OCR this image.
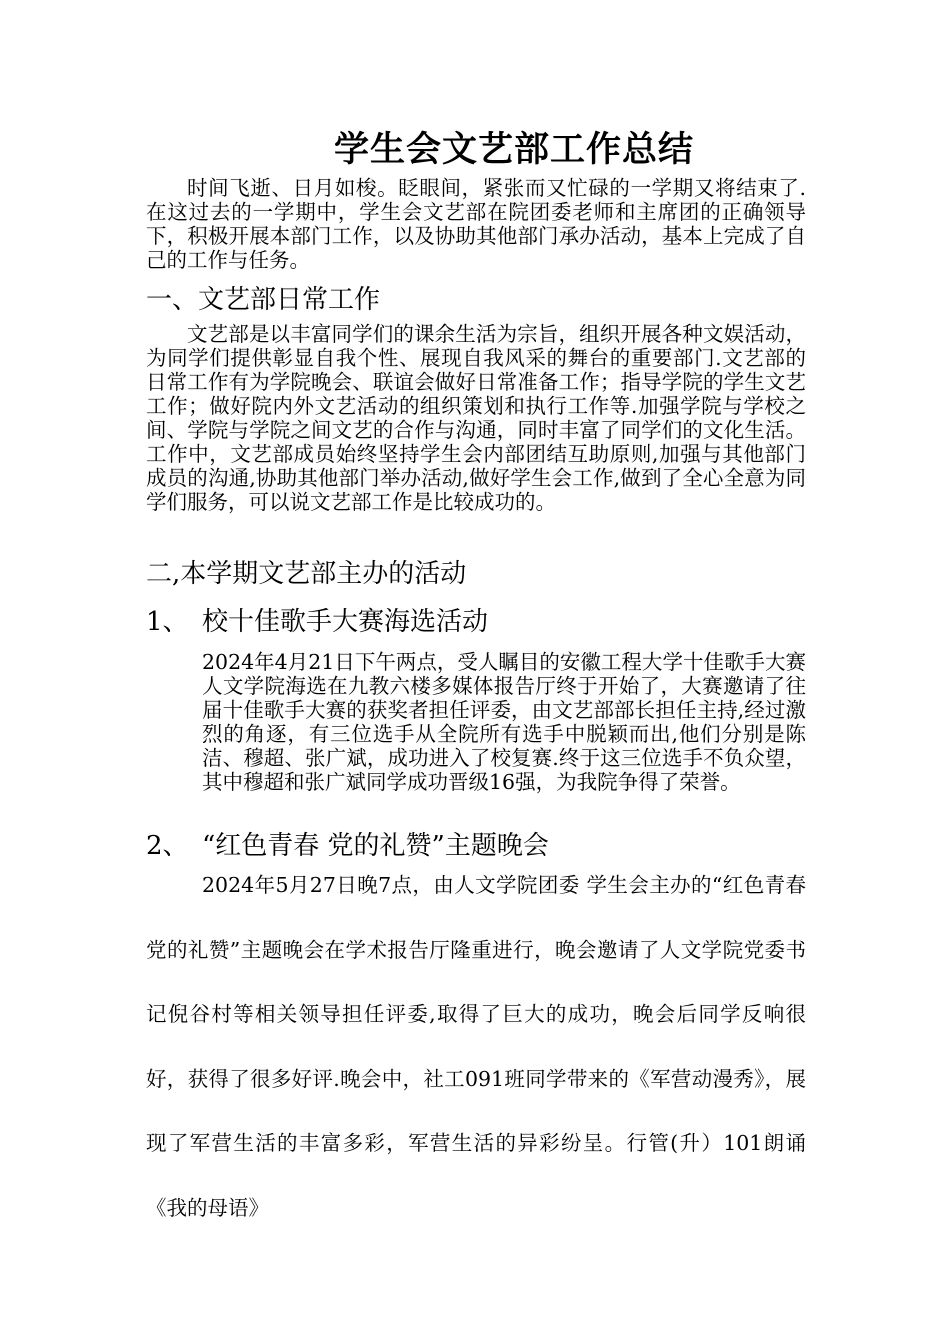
学生会文艺部工作总结

时间飞逝、日月如梭。眨眼间，紧张而又忙碌的一学期又将结束了.在这过去的一学期中，学生会文艺部在院团委老师和主席团的正确领导下，积极开展本部门工作，以及协助其他部门承办活动，基本上完成了自己的工作与任务。

一、文艺部日常工作

文艺部是以丰富同学们的课余生活为宗旨，组织开展各种文娱活动，为同学们提供彰显自我个性、展现自我风采的舞台的重要部门.文艺部的日常工作有为学院晚会、联谊会做好日常准备工作；指导学院的学生文艺工作；做好院内外文艺活动的组织策划和执行工作等.加强学院与学校之间、学院与学院之间文艺的合作与沟通，同时丰富了同学们的文化生活。工作中，文艺部成员始终坚持学生会内部团结互助原则,加强与其他部门成员的沟通,协助其他部门举办活动,做好学生会工作,做到了全心全意为同学们服务，可以说文艺部工作是比较成功的。

二,本学期文艺部主办的活动
1、 校十佳歌手大赛海选活动

2024年4月21日下午两点，受人瞩目的安徽工程大学十佳歌手大赛人文学院海选在九教六楼多媒体报告厅终于开始了，大赛邀请了往届十佳歌手大赛的获奖者担任评委，由文艺部部长担任主持,经过激烈的角逐，有三位选手从全院所有选手中脱颖而出,他们分别是陈洁、穆超、张广斌，成功进入了校复赛.终于这三位选手不负众望，其中穆超和张广斌同学成功晋级16强，为我院争得了荣誉。

2、 “红色青春 党的礼赞”主题晚会

2024年5月27日晚7点，由人文学院团委 学生会主办的“红色青春 党的礼赞”主题晚会在学术报告厅隆重进行，晚会邀请了人文学院党委书记倪谷村等相关领导担任评委,取得了巨大的成功，晚会后同学反响很好，获得了很多好评.晚会中，社工091班同学带来的《军营动漫秀》，展现了军营生活的丰富多彩，军营生活的异彩纷呈。行管(升）101朗诵《我的母语》
